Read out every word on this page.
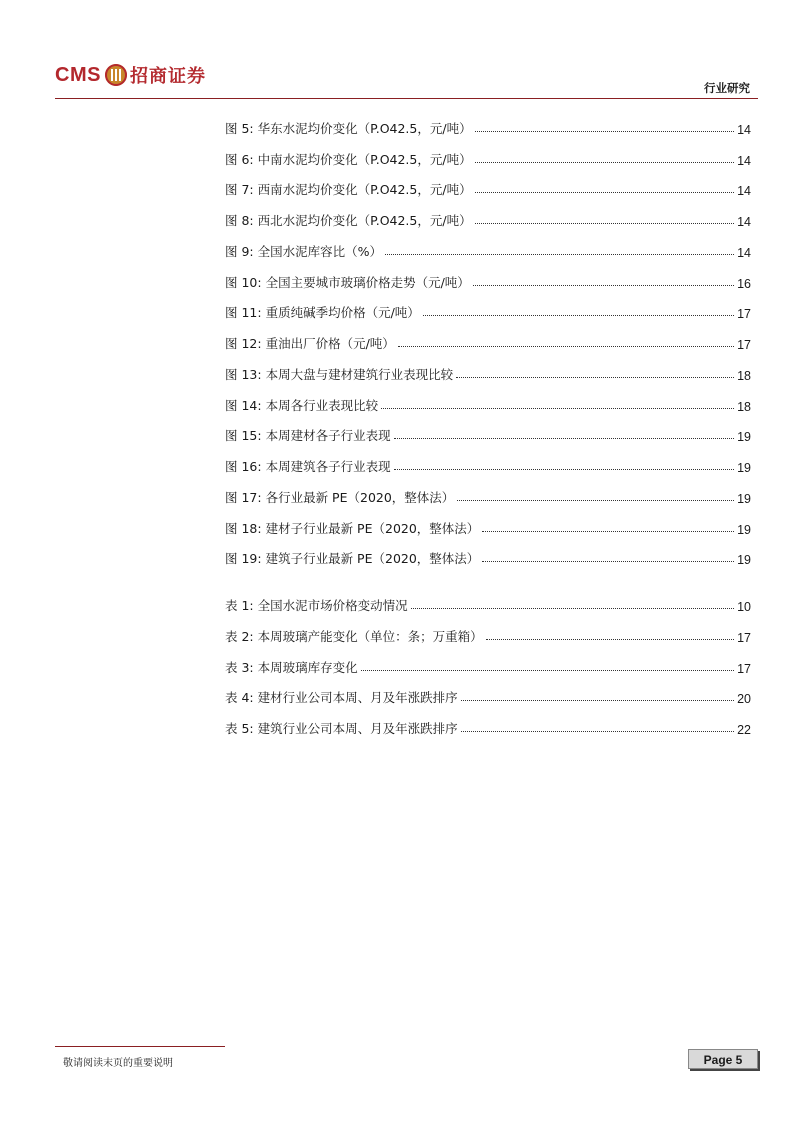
CMS 招商证券
行业研究
图 5: 华东水泥均价变化（P.O42.5，元/吨）	14
图 6: 中南水泥均价变化（P.O42.5，元/吨）	14
图 7: 西南水泥均价变化（P.O42.5，元/吨）	14
图 8: 西北水泥均价变化（P.O42.5，元/吨）	14
图 9: 全国水泥库容比（%）	14
图 10: 全国主要城市玻璃价格走势（元/吨）	16
图 11: 重质纯碱季均价格（元/吨）	17
图 12: 重油出厂价格（元/吨）	17
图 13: 本周大盘与建材建筑行业表现比较	18
图 14: 本周各行业表现比较	18
图 15: 本周建材各子行业表现	19
图 16: 本周建筑各子行业表现	19
图 17: 各行业最新 PE（2020，整体法）	19
图 18: 建材子行业最新 PE（2020，整体法）	19
图 19: 建筑子行业最新 PE（2020，整体法）	19
表 1: 全国水泥市场价格变动情况	10
表 2: 本周玻璃产能变化（单位：条；万重箱）	17
表 3: 本周玻璃库存变化	17
表 4: 建材行业公司本周、月及年涨跌排序	20
表 5: 建筑行业公司本周、月及年涨跌排序	22
敬请阅读末页的重要说明	Page 5
